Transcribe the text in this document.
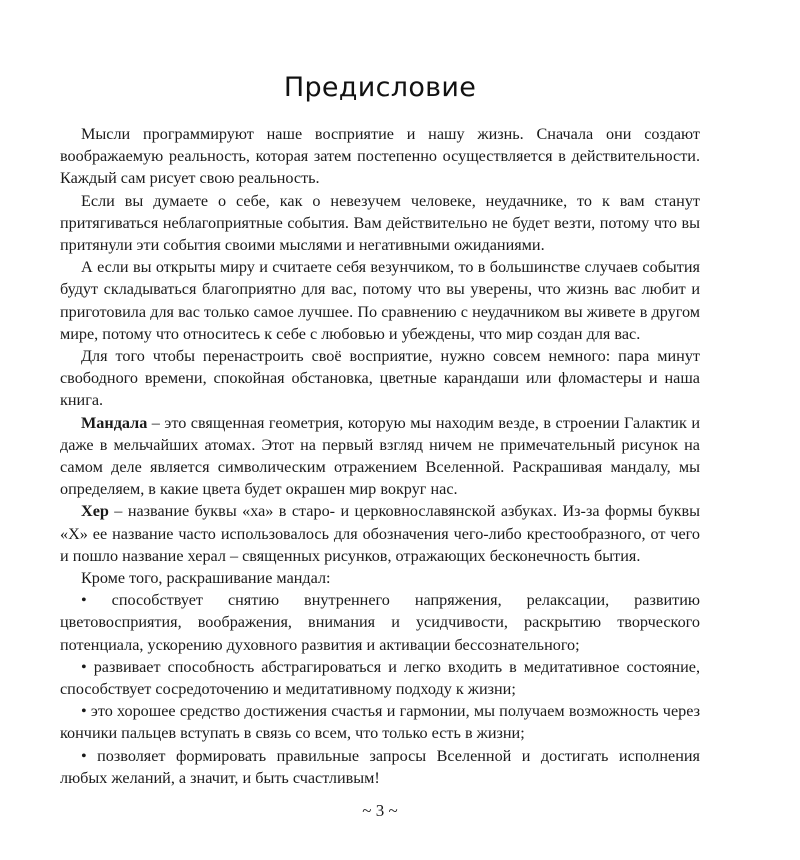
Предисловие

Мысли программируют наше восприятие и нашу жизнь. Сначала они создают воображаемую реальность, которая затем постепенно осуществляется в действительности. Каждый сам рисует свою реальность.

Если вы думаете о себе, как о невезучем человеке, неудачнике, то к вам станут притягиваться неблагоприятные события. Вам действительно не будет везти, потому что вы притянули эти события своими мыслями и негативными ожиданиями.

А если вы открыты миру и считаете себя везунчиком, то в большинстве случаев события будут складываться благоприятно для вас, потому что вы уверены, что жизнь вас любит и приготовила для вас только самое лучшее. По сравнению с неудачником вы живете в другом мире, потому что относитесь к себе с любовью и убеждены, что мир создан для вас.

Для того чтобы перенастроить своё восприятие, нужно совсем немного: пара минут свободного времени, спокойная обстановка, цветные карандаши или фломастеры и наша книга.

Мандала – это священная геометрия, которую мы находим везде, в строении Галактик и даже в мельчайших атомах. Этот на первый взгляд ничем не примечательный рисунок на самом деле является символическим отражением Вселенной. Раскрашивая мандалу, мы определяем, в какие цвета будет окрашен мир вокруг нас.

Хер – название буквы «ха» в старо- и церковнославянской азбуках. Из-за формы буквы «Х» ее название часто использовалось для обозначения чего-либо крестообразного, от чего и пошло название херал – священных рисунков, отражающих бесконечность бытия.

Кроме того, раскрашивание мандал:

• способствует снятию внутреннего напряжения, релаксации, развитию цветовосприятия, воображения, внимания и усидчивости, раскрытию творческого потенциала, ускорению духовного развития и активации бессознательного;

• развивает способность абстрагироваться и легко входить в медитативное состояние, способствует сосредоточению и медитативному подходу к жизни;

• это хорошее средство достижения счастья и гармонии, мы получаем возможность через кончики пальцев вступать в связь со всем, что только есть в жизни;

• позволяет формировать правильные запросы Вселенной и достигать исполнения любых желаний, а значит, и быть счастливым!

~ 3 ~
